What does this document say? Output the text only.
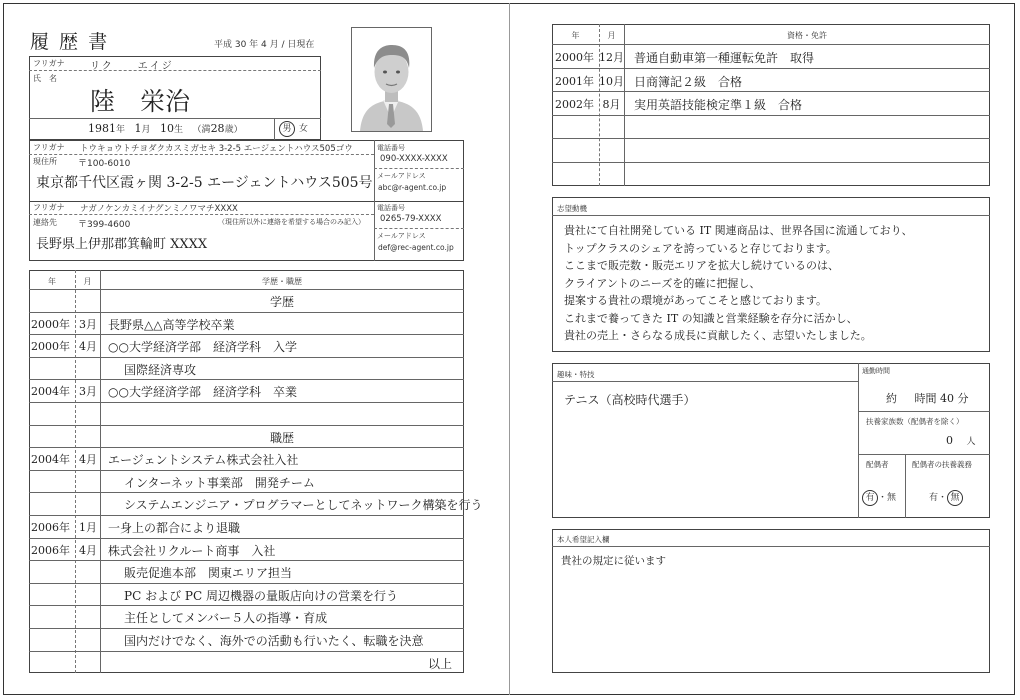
履 歴 書	平成 30 年 4 月 / 日現在
フリガナ	リク　　エイジ
氏　名
陸　栄治
1981年 1月 10生 （満28歳）	男 女
フリガナ トウキョウトチヨダクカスミガセキ 3-2-5 エージェントハウス505ゴウ
現住所 〒100-6010
東京都千代区霞ヶ関 3-2-5 エージェントハウス505号
電話番号
090-XXXX-XXXX
メールアドレス
abc@r-agent.co.jp
フリガナ ナガノケンカミイナグンミノワマチXXXX
連絡先 〒399-4600	（現住所以外に連絡を希望する場合のみ記入）
長野県上伊那郡箕輪町 XXXX
電話番号
0265-79-XXXX
メールアドレス
def@rec-agent.co.jp
年	月	学歴・職歴
学歴
2000年 3月 長野県△△高等学校卒業
2000年 4月 ○○大学経済学部　経済学科　入学
国際経済専攻
2004年 3月 ○○大学経済学部　経済学科　卒業
職歴
2004年 4月 エージェントシステム株式会社入社
インターネット事業部　開発チーム
システムエンジニア・プログラマーとしてネットワーク構築を行う
2006年 1月 一身上の都合により退職
2006年 4月 株式会社リクルート商事　入社
販売促進本部　関東エリア担当
PC および PC 周辺機器の量販店向けの営業を行う
主任としてメンバー５人の指導・育成
国内だけでなく、海外での活動も行いたく、転職を決意
以上
年	月	資格・免許
2000年 12月 普通自動車第一種運転免許　取得
2001年 10月 日商簿記２級　合格
2002年 8月 実用英語技能検定準１級　合格
志望動機
貴社にて自社開発している IT 関連商品は、世界各国に流通しており、
トップクラスのシェアを誇っていると存じております。
ここまで販売数・販売エリアを拡大し続けているのは、
クライアントのニーズを的確に把握し、
提案する貴社の環境があってこそと感じております。
これまで養ってきた IT の知識と営業経験を存分に活かし、
貴社の売上・さらなる成長に貢献したく、志望いたしました。
趣味・特技
テニス（高校時代選手）
通勤時間
約 時間 40 分
扶養家族数（配偶者を除く）
0 人
配偶者	配偶者の扶養義務
有 ・無	有・ 無
本人希望記入欄
貴社の規定に従います
